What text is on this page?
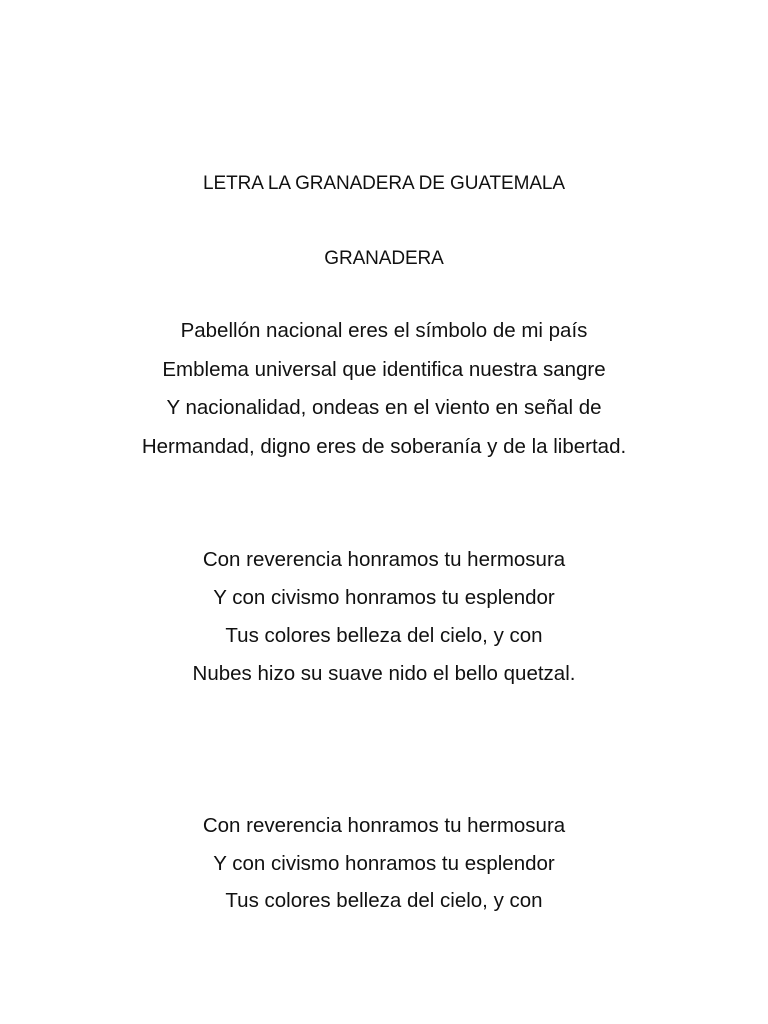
LETRA LA GRANADERA DE GUATEMALA
GRANADERA
Pabellón nacional eres el símbolo de mi país
Emblema universal que identifica nuestra sangre
Y nacionalidad, ondeas en el viento en señal de
Hermandad, digno eres de soberanía y de la libertad.
Con reverencia honramos tu hermosura
Y con civismo honramos tu esplendor
Tus colores belleza del cielo, y con
Nubes hizo su suave nido el bello quetzal.
Con reverencia honramos tu hermosura
Y con civismo honramos tu esplendor
Tus colores belleza del cielo, y con
